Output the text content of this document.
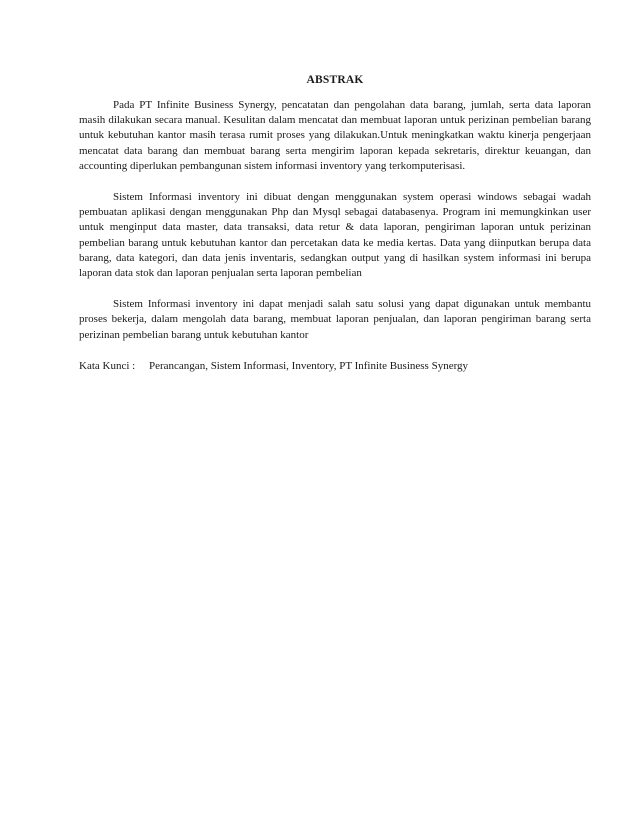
ABSTRAK

Pada PT Infinite Business Synergy, pencatatan dan pengolahan data barang, jumlah, serta data laporan masih dilakukan secara manual. Kesulitan dalam mencatat dan membuat laporan untuk perizinan pembelian barang untuk kebutuhan kantor masih terasa rumit proses yang dilakukan.Untuk meningkatkan waktu kinerja pengerjaan mencatat data barang dan membuat barang serta mengirim laporan kepada sekretaris, direktur keuangan, dan accounting diperlukan pembangunan sistem informasi inventory yang terkomputerisasi.

Sistem Informasi inventory ini dibuat dengan menggunakan system operasi windows sebagai wadah pembuatan aplikasi dengan menggunakan Php dan Mysql sebagai databasenya. Program ini memungkinkan user untuk menginput data master, data transaksi, data retur & data laporan, pengiriman laporan untuk perizinan pembelian barang untuk kebutuhan kantor dan percetakan data ke media kertas. Data yang diinputkan berupa data barang, data kategori, dan data jenis inventaris, sedangkan output yang di hasilkan system informasi ini berupa laporan data stok dan laporan penjualan serta laporan pembelian

Sistem Informasi inventory ini dapat menjadi salah satu solusi yang dapat digunakan untuk membantu proses bekerja, dalam mengolah data barang, membuat laporan penjualan, dan laporan pengiriman barang serta perizinan pembelian barang untuk kebutuhan kantor

Kata Kunci : Perancangan, Sistem Informasi, Inventory, PT Infinite Business Synergy
